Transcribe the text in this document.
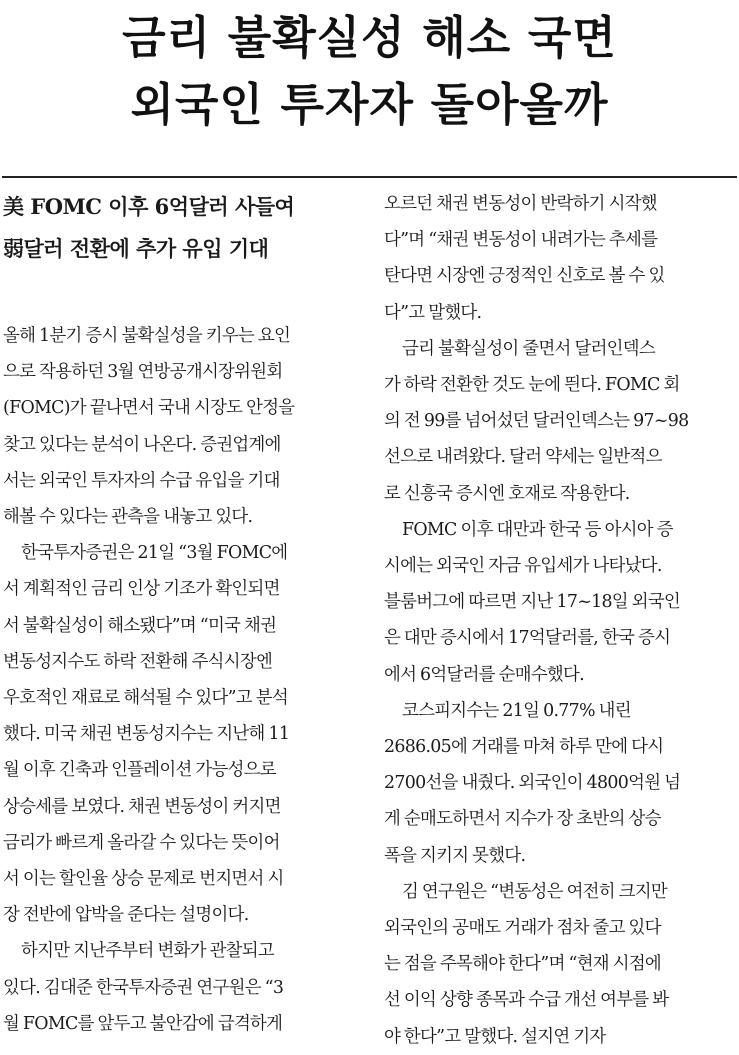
금리 불확실성 해소 국면
외국인 투자자 돌아올까

美 FOMC 이후 6억달러 사들여
弱달러 전환에 추가 유입 기대

올해 1분기 증시 불확실성을 키우는 요인
으로 작용하던 3월 연방공개시장위원회
(FOMC)가 끝나면서 국내 시장도 안정을
찾고 있다는 분석이 나온다. 증권업계에
서는 외국인 투자자의 수급 유입을 기대
해볼 수 있다는 관측을 내놓고 있다.
한국투자증권은 21일 “3월 FOMC에
서 계획적인 금리 인상 기조가 확인되면
서 불확실성이 해소됐다”며 “미국 채권
변동성지수도 하락 전환해 주식시장엔
우호적인 재료로 해석될 수 있다”고 분석
했다. 미국 채권 변동성지수는 지난해 11
월 이후 긴축과 인플레이션 가능성으로
상승세를 보였다. 채권 변동성이 커지면
금리가 빠르게 올라갈 수 있다는 뜻이어
서 이는 할인율 상승 문제로 번지면서 시
장 전반에 압박을 준다는 설명이다.
하지만 지난주부터 변화가 관찰되고
있다. 김대준 한국투자증권 연구원은 “3
월 FOMC를 앞두고 불안감에 급격하게
오르던 채권 변동성이 반락하기 시작했
다”며 “채권 변동성이 내려가는 추세를
탄다면 시장엔 긍정적인 신호로 볼 수 있
다”고 말했다.
금리 불확실성이 줄면서 달러인덱스
가 하락 전환한 것도 눈에 띈다. FOMC 회
의 전 99를 넘어섰던 달러인덱스는 97~98
선으로 내려왔다. 달러 약세는 일반적으
로 신흥국 증시엔 호재로 작용한다.
FOMC 이후 대만과 한국 등 아시아 증
시에는 외국인 자금 유입세가 나타났다.
블룸버그에 따르면 지난 17~18일 외국인
은 대만 증시에서 17억달러를, 한국 증시
에서 6억달러를 순매수했다.
코스피지수는 21일 0.77% 내린
2686.05에 거래를 마쳐 하루 만에 다시
2700선을 내줬다. 외국인이 4800억원 넘
게 순매도하면서 지수가 장 초반의 상승
폭을 지키지 못했다.
김 연구원은 “변동성은 여전히 크지만
외국인의 공매도 거래가 점차 줄고 있다
는 점을 주목해야 한다”며 “현재 시점에
선 이익 상향 종목과 수급 개선 여부를 봐
야 한다”고 말했다. 설지연 기자
